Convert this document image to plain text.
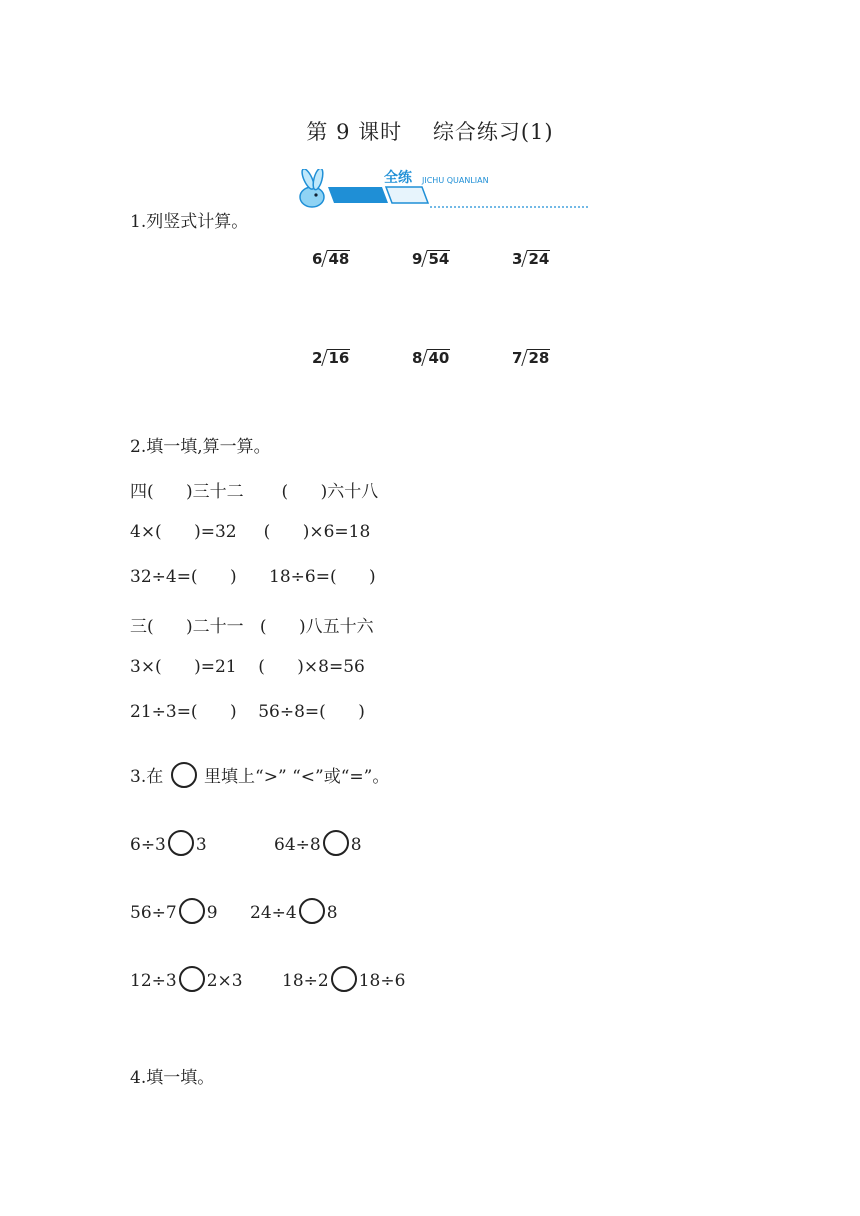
第 9 课时    综合练习(1)

基础

全练

JICHU QUANLIAN

1.列竖式计算。
6 48	9 54	3 24
2 16	8 40	7 28
2.填一填,算一算。
四(      )三十二       (      )六十八
4×(      )=32     (      )×6=18
32÷4=(      )      18÷6=(      )
三(      )二十一   (      )八五十六
3×(      )=21    (      )×8=56
21÷3=(      )    56÷8=(      )
3.在 里填上“>” “<”或“=”。
6÷3 3	64÷8 8
56÷7 9 24÷4 8
12÷3 2×3 18÷2 18÷6
4.填一填。
